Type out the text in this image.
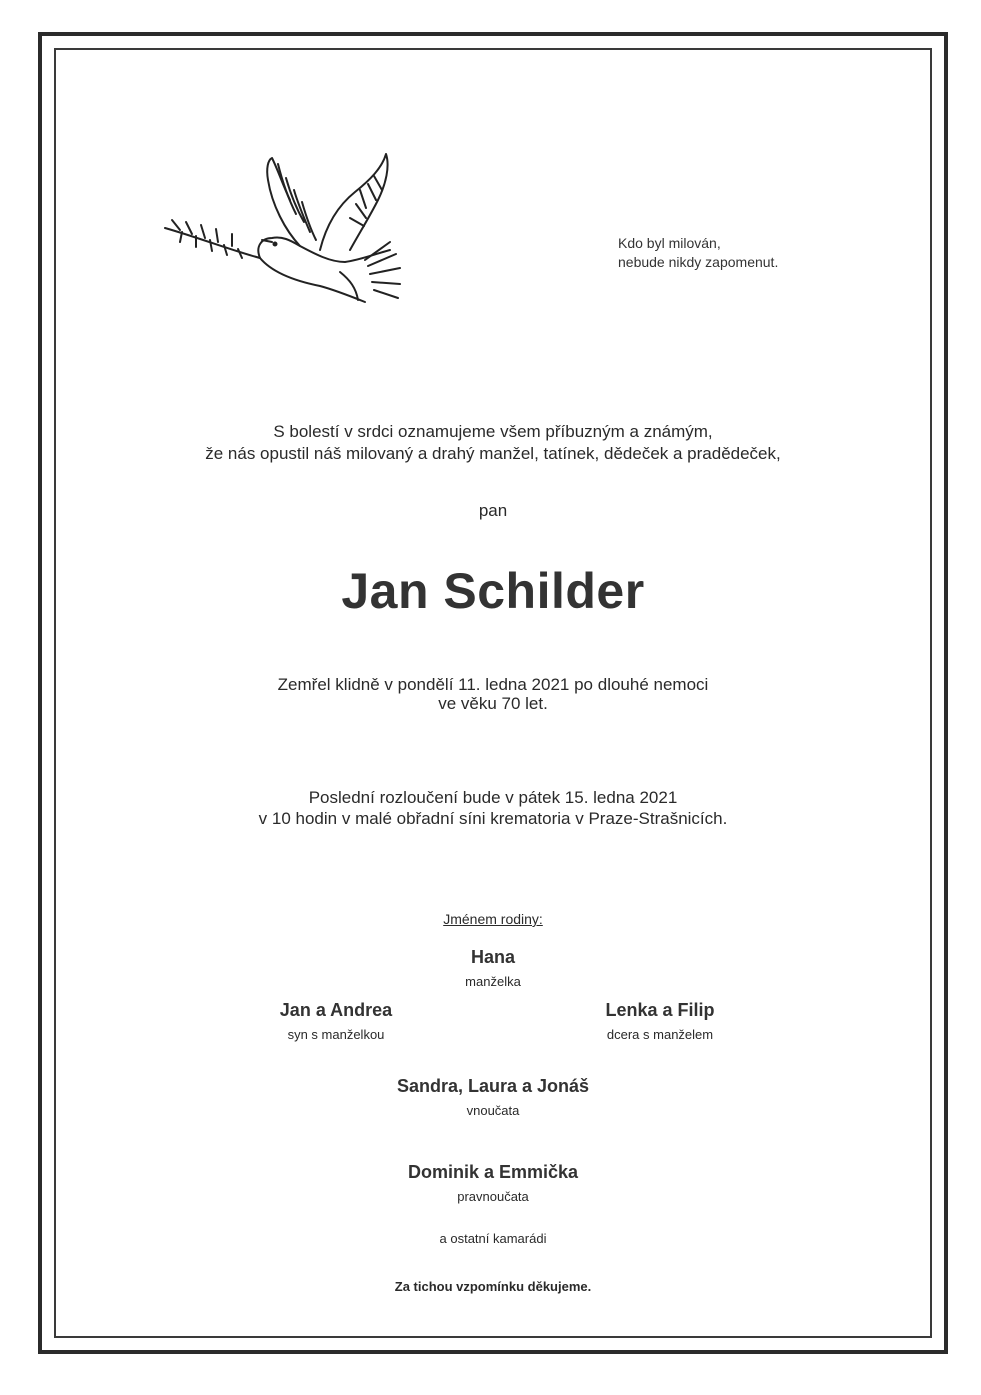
Kdo byl milován,
nebude nikdy zapomenut.
S bolestí v srdci oznamujeme všem příbuzným a známým,
že nás opustil náš milovaný a drahý manžel, tatínek, dědeček a pradědeček,
pan
Jan Schilder
Zemřel klidně v pondělí 11. ledna 2021 po dlouhé nemoci
ve věku 70 let.
Poslední rozloučení bude v pátek 15. ledna 2021
v 10 hodin v malé obřadní síni krematoria v Praze-Strašnicích.
Jménem rodiny:
Hana
manželka
Jan a Andrea
syn s manželkou
Lenka a Filip
dcera s manželem
Sandra, Laura a Jonáš
vnoučata
Dominik a Emmička
pravnoučata
a ostatní kamarádi
Za tichou vzpomínku děkujeme.
